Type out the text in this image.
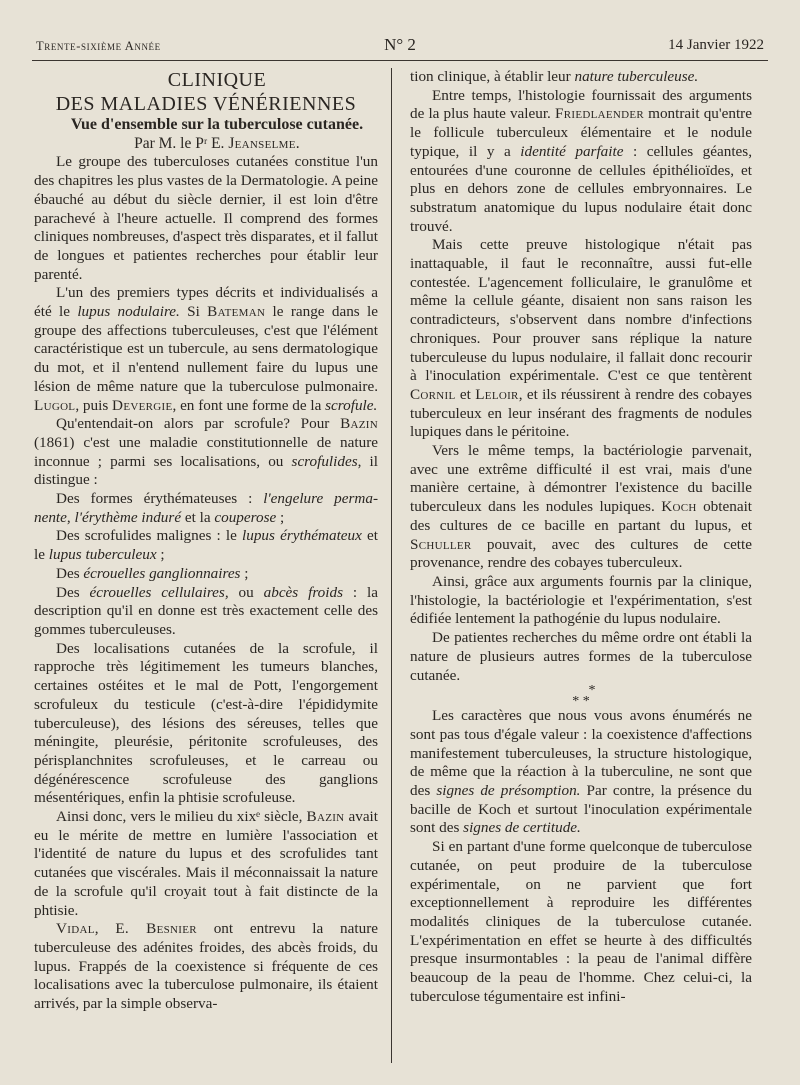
Trente-sixième Année	N° 2	14 Janvier 1922

CLINIQUE
DES MALADIES VÉNÉRIENNES

Vue d'ensemble sur la tuberculose cutanée.

Par M. le Pʳ E. Jeanselme.

Le groupe des tuberculoses cutanées constitue l'un des chapitres les plus vastes de la Dermatologie. A peine ébauché au début du siècle dernier, il est loin d'être parachevé à l'heure actuelle. Il comprend des formes cliniques nombreuses, d'aspect très disparates, et il fallut de longues et patientes recherches pour établir leur parenté.

L'un des premiers types décrits et individualisés a été le lupus nodulaire. Si Bateman le range dans le groupe des affections tuberculeuses, c'est que l'élément caractéristique est un tubercule, au sens dermatologique du mot, et il n'entend nullement faire du lupus une lésion de même nature que la tuberculose pulmonaire. Lugol, puis Devergie, en font une forme de la scrofule.

Qu'entendait-on alors par scrofule? Pour Bazin (1861) c'est une maladie constitutionnelle de nature inconnue ; parmi ses localisations, ou scrofulides, il distingue :

Des formes érythémateuses : l'engelure perma-nente, l'érythème induré et la couperose ;

Des scrofulides malignes : le lupus érythémateux et le lupus tuberculeux ;

Des écrouelles ganglionnaires ;

Des écrouelles cellulaires, ou abcès froids : la description qu'il en donne est très exactement celle des gommes tuberculeuses.

Des localisations cutanées de la scrofule, il rapproche très légitimement les tumeurs blanches, certaines ostéites et le mal de Pott, l'engorgement scrofuleux du testicule (c'est-à-dire l'épididymite tuberculeuse), des lésions des séreuses, telles que méningite, pleurésie, péritonite scrofuleuses, des périsplanchnites scrofuleuses, et le carreau ou dégénérescence scrofuleuse des ganglions mésentériques, enfin la phtisie scrofuleuse.

Ainsi donc, vers le milieu du xixᵉ siècle, Bazin avait eu le mérite de mettre en lumière l'association et l'identité de nature du lupus et des scrofulides tant cutanées que viscérales. Mais il méconnaissait la nature de la scrofule qu'il croyait tout à fait distincte de la phtisie.

Vidal, E. Besnier ont entrevu la nature tuberculeuse des adénites froides, des abcès froids, du lupus. Frappés de la coexistence si fréquente de ces localisations avec la tuberculose pulmonaire, ils étaient arrivés, par la simple observa-

tion clinique, à établir leur nature tuberculeuse.

Entre temps, l'histologie fournissait des arguments de la plus haute valeur. Friedlaender montrait qu'entre le follicule tuberculeux élémentaire et le nodule typique, il y a identité parfaite : cellules géantes, entourées d'une couronne de cellules épithélioïdes, et plus en dehors zone de cellules embryonnaires. Le substratum anatomique du lupus nodulaire était donc trouvé.

Mais cette preuve histologique n'était pas inattaquable, il faut le reconnaître, aussi fut-elle contestée. L'agencement folliculaire, le granulôme et même la cellule géante, disaient non sans raison les contradicteurs, s'observent dans nombre d'infections chroniques. Pour prouver sans réplique la nature tuberculeuse du lupus nodulaire, il fallait donc recourir à l'inoculation expérimentale. C'est ce que tentèrent Cornil et Leloir, et ils réussirent à rendre des cobayes tuberculeux en leur insérant des fragments de nodules lupiques dans le péritoine.

Vers le même temps, la bactériologie parvenait, avec une extrême difficulté il est vrai, mais d'une manière certaine, à démontrer l'existence du bacille tuberculeux dans les nodules lupiques. Koch obtenait des cultures de ce bacille en partant du lupus, et Schuller pouvait, avec des cultures de cette provenance, rendre des cobayes tuberculeux.

Ainsi, grâce aux arguments fournis par la clinique, l'histologie, la bactériologie et l'expérimentation, s'est édifiée lentement la pathogénie du lupus nodulaire.

De patientes recherches du même ordre ont établi la nature de plusieurs autres formes de la tuberculose cutanée.

*
* *

Les caractères que nous vous avons énumérés ne sont pas tous d'égale valeur : la coexistence d'affections manifestement tuberculeuses, la structure histologique, de même que la réaction à la tuberculine, ne sont que des signes de présomption. Par contre, la présence du bacille de Koch et surtout l'inoculation expérimentale sont des signes de certitude.

Si en partant d'une forme quelconque de tuberculose cutanée, on peut produire de la tuberculose expérimentale, on ne parvient que fort exceptionnellement à reproduire les différentes modalités cliniques de la tuberculose cutanée. L'expérimentation en effet se heurte à des difficultés presque insurmontables : la peau de l'animal diffère beaucoup de la peau de l'homme. Chez celui-ci, la tuberculose tégumentaire est infini-
